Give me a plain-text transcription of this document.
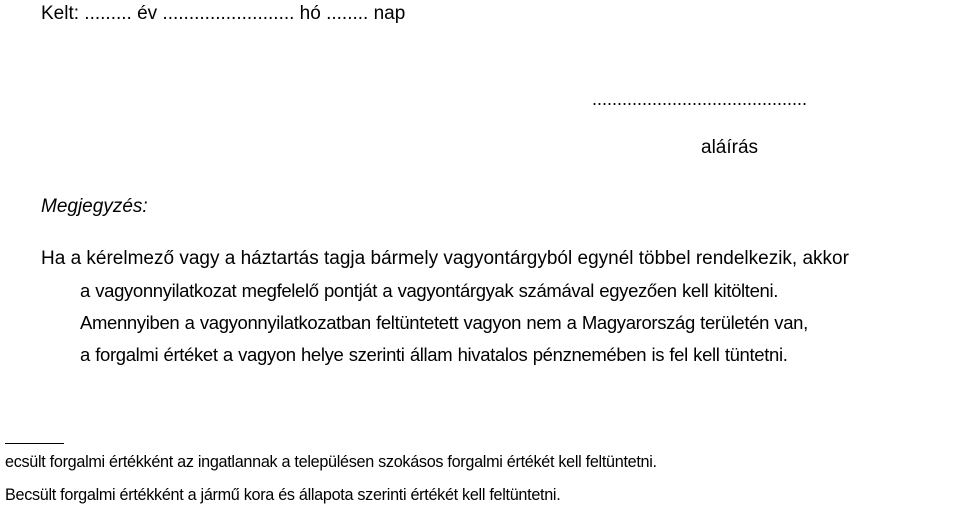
Kelt: ......... év ......................... hó ........ nap
...........................................
aláírás
Megjegyzés:
Ha a kérelmező vagy a háztartás tagja bármely vagyontárgyból egynél többel rendelkezik, akkor
a vagyonnyilatkozat megfelelő pontját a vagyontárgyak számával egyezően kell kitölteni.
Amennyiben a vagyonnyilatkozatban feltüntetett vagyon nem a Magyarország területén van,
a forgalmi értéket a vagyon helye szerinti állam hivatalos pénznemében is fel kell tüntetni.
ecsült forgalmi értékként az ingatlannak a településen szokásos forgalmi értékét kell feltüntetni.
Becsült forgalmi értékként a jármű kora és állapota szerinti értékét kell feltüntetni.
